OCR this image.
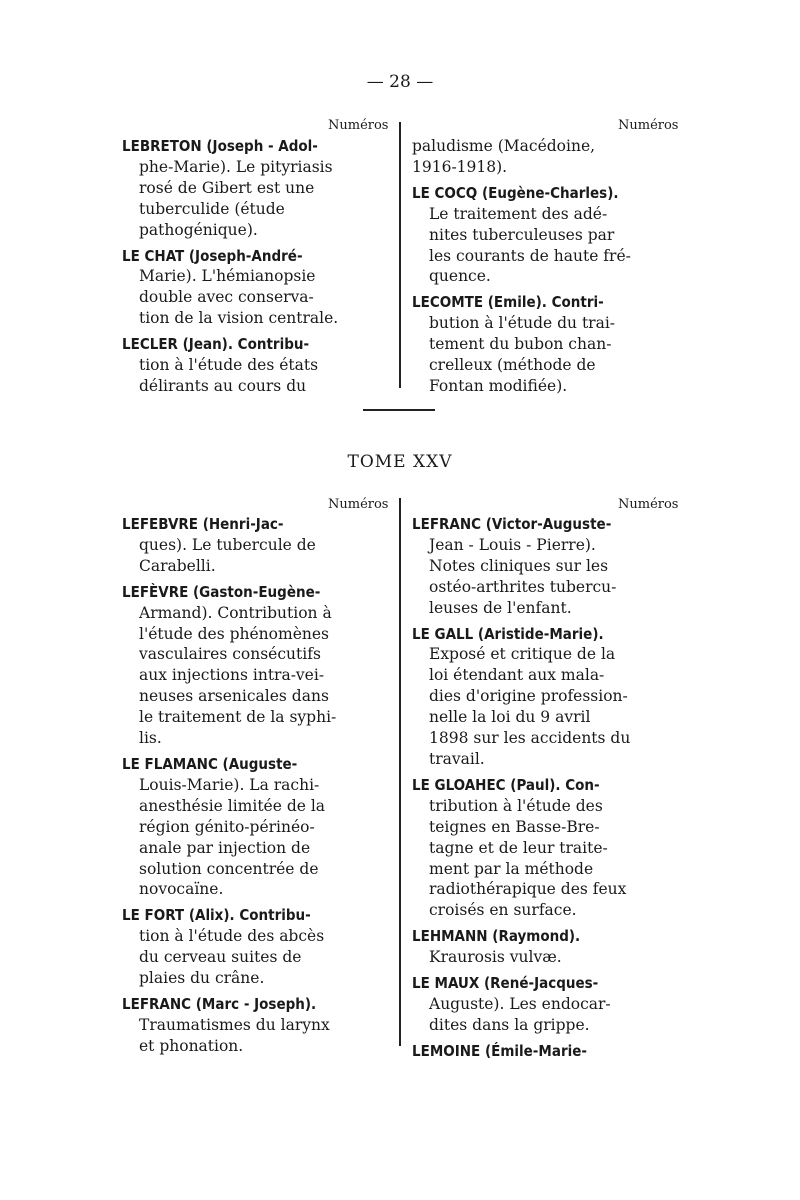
— 28 —
Numéros	Numéros
LEBRETON (Joseph - Adol-
phe-Marie). Le pityriasis
rosé de Gibert est une
tuberculide (étude
pathogénique).
LE CHAT (Joseph-André-
Marie). L'hémianopsie
double avec conserva-
tion de la vision centrale.
LECLER (Jean). Contribu-
tion à l'étude des états
délirants au cours du
paludisme (Macédoine,
1916-1918).
LE COCQ (Eugène-Charles).
Le traitement des adé-
nites tuberculeuses par
les courants de haute fré-
quence.
LECOMTE (Emile). Contri-
bution à l'étude du trai-
tement du bubon chan-
crelleux (méthode de
Fontan modifiée).
TOME XXV
Numéros	Numéros
LEFEBVRE (Henri-Jac-
ques). Le tubercule de
Carabelli.
LEFÈVRE (Gaston-Eugène-
Armand). Contribution à
l'étude des phénomènes
vasculaires consécutifs
aux injections intra-vei-
neuses arsenicales dans
le traitement de la syphi-
lis.
LE FLAMANC (Auguste-
Louis-Marie). La rachi-
anesthésie limitée de la
région génito-périnéo-
anale par injection de
solution concentrée de
novocaïne.
LE FORT (Alix). Contribu-
tion à l'étude des abcès
du cerveau suites de
plaies du crâne.
LEFRANC (Marc - Joseph).
Traumatismes du larynx
et phonation.
LEFRANC (Victor-Auguste-
Jean - Louis - Pierre).
Notes cliniques sur les
ostéo-arthrites tubercu-
leuses de l'enfant.
LE GALL (Aristide-Marie).
Exposé et critique de la
loi étendant aux mala-
dies d'origine profession-
nelle la loi du 9 avril
1898 sur les accidents du
travail.
LE GLOAHEC (Paul). Con-
tribution à l'étude des
teignes en Basse-Bre-
tagne et de leur traite-
ment par la méthode
radiothérapique des feux
croisés en surface.
LEHMANN (Raymond).
Kraurosis vulvæ.
LE MAUX (René-Jacques-
Auguste). Les endocar-
dites dans la grippe.
LEMOINE (Émile-Marie-
